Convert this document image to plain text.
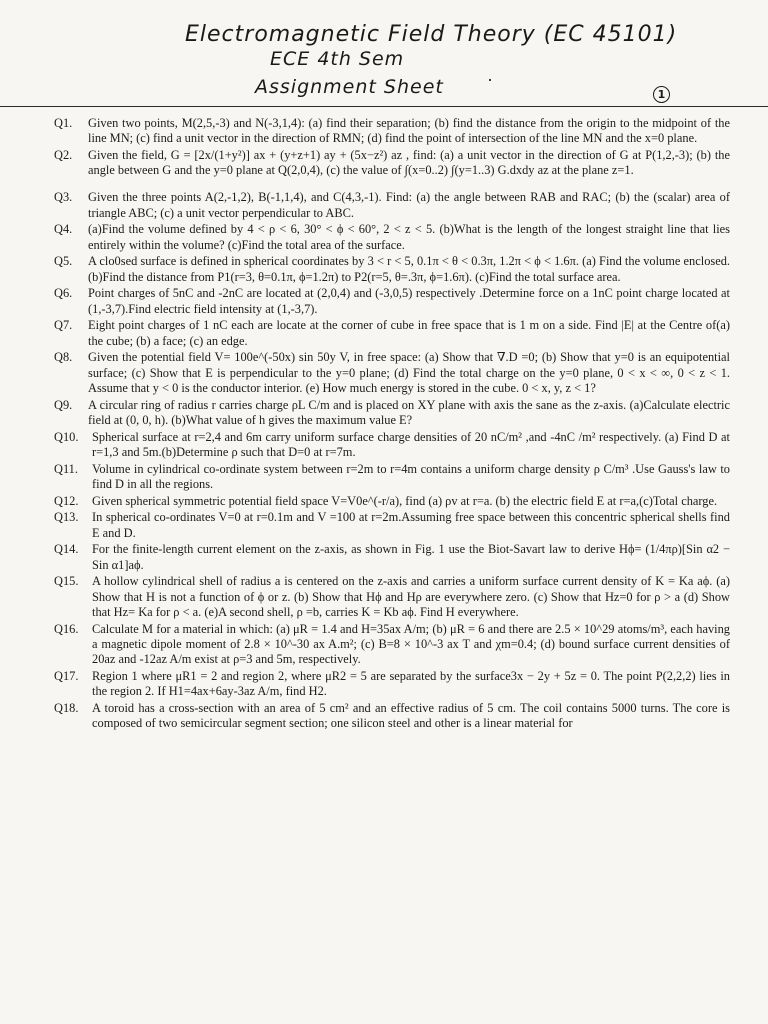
Electromagnetic Field Theory (EC 45101)
ECE 4th Sem
Assignment Sheet ·
1
Q1.	Given two points, M(2,5,-3) and N(-3,1,4): (a) find their separation; (b) find the distance from the origin to the midpoint of the line MN; (c) find a unit vector in the direction of RMN; (d) find the point of intersection of the line MN and the x=0 plane.
Q2.	Given the field, G = [2x/(1+y²)] ax + (y+z+1) ay + (5x−z²) az , find: (a) a unit vector in the direction of G at P(1,2,-3); (b) the angle between G and the y=0 plane at Q(2,0,4), (c) the value of ∫(x=0..2) ∫(y=1..3) G.dxdy az at the plane z=1.
Q3.	Given the three points A(2,-1,2), B(-1,1,4), and C(4,3,-1). Find: (a) the angle between RAB and RAC; (b) the (scalar) area of triangle ABC; (c) a unit vector perpendicular to ABC.
Q4.	(a)Find the volume defined by 4 < ρ < 6, 30° < ϕ < 60°, 2 < z < 5. (b)What is the length of the longest straight line that lies entirely within the volume? (c)Find the total area of the surface.
Q5.	A clo0sed surface is defined in spherical coordinates by 3 < r < 5, 0.1π < θ < 0.3π, 1.2π < ϕ < 1.6π. (a) Find the volume enclosed. (b)Find the distance from P1(r=3, θ=0.1π, ϕ=1.2π) to P2(r=5, θ=.3π, ϕ=1.6π). (c)Find the total surface area.
Q6.	Point charges of 5nC and -2nC are located at (2,0,4) and (-3,0,5) respectively .Determine force on a 1nC point charge located at (1,-3,7).Find electric field intensity at (1,-3,7).
Q7.	Eight point charges of 1 nC each are locate at the corner of cube in free space that is 1 m on a side. Find |E| at the Centre of(a) the cube; (b) a face; (c) an edge.
Q8.	Given the potential field V= 100e^(-50x) sin 50y V, in free space: (a) Show that ∇.D =0; (b) Show that y=0 is an equipotential surface; (c) Show that E is perpendicular to the y=0 plane; (d) Find the total charge on the y=0 plane, 0 < x < ∞, 0 < z < 1. Assume that y < 0 is the conductor interior. (e) How much energy is stored in the cube. 0 < x, y, z < 1?
Q9.	A circular ring of radius r carries charge ρL C/m and is placed on XY plane with axis the sane as the z-axis. (a)Calculate electric field at (0, 0, h). (b)What value of h gives the maximum value E?
Q10.	Spherical surface at r=2,4 and 6m carry uniform surface charge densities of 20 nC/m² ,and -4nC /m² respectively. (a) Find D at r=1,3 and 5m.(b)Determine ρ such that D=0 at r=7m.
Q11.	Volume in cylindrical co-ordinate system between r=2m to r=4m contains a uniform charge density ρ C/m³ .Use Gauss's law to find D in all the regions.
Q12.	Given spherical symmetric potential field space V=V0e^(-r/a), find (a) ρv at r=a. (b) the electric field E at r=a,(c)Total charge.
Q13.	In spherical co-ordinates V=0 at r=0.1m and V =100 at r=2m.Assuming free space between this concentric spherical shells find E and D.
Q14.	For the finite-length current element on the z-axis, as shown in Fig. 1 use the Biot-Savart law to derive Hϕ= (1/4πρ)[Sin α2 − Sin α1]aϕ.
Q15.	A hollow cylindrical shell of radius a is centered on the z-axis and carries a uniform surface current density of K = Ka aϕ. (a) Show that H is not a function of ϕ or z. (b) Show that Hϕ and Hρ are everywhere zero. (c) Show that Hz=0 for ρ > a (d) Show that Hz= Ka for ρ < a. (e)A second shell, ρ =b, carries K = Kb aϕ. Find H everywhere.
Q16.	Calculate M for a material in which: (a) μR = 1.4 and H=35ax A/m; (b) μR = 6 and there are 2.5 × 10^29 atoms/m³, each having a magnetic dipole moment of 2.8 × 10^-30 ax A.m²; (c) B=8 × 10^-3 ax T and χm=0.4; (d) bound surface current densities of 20az and -12az A/m exist at ρ=3 and 5m, respectively.
Q17.	Region 1 where μR1 = 2 and region 2, where μR2 = 5 are separated by the surface3x − 2y + 5z = 0. The point P(2,2,2) lies in the region 2. If H1=4ax+6ay-3az A/m, find H2.
Q18.	A toroid has a cross-section with an area of 5 cm² and an effective radius of 5 cm. The coil contains 5000 turns. The core is composed of two semicircular segment section; one silicon steel and other is a linear material for
